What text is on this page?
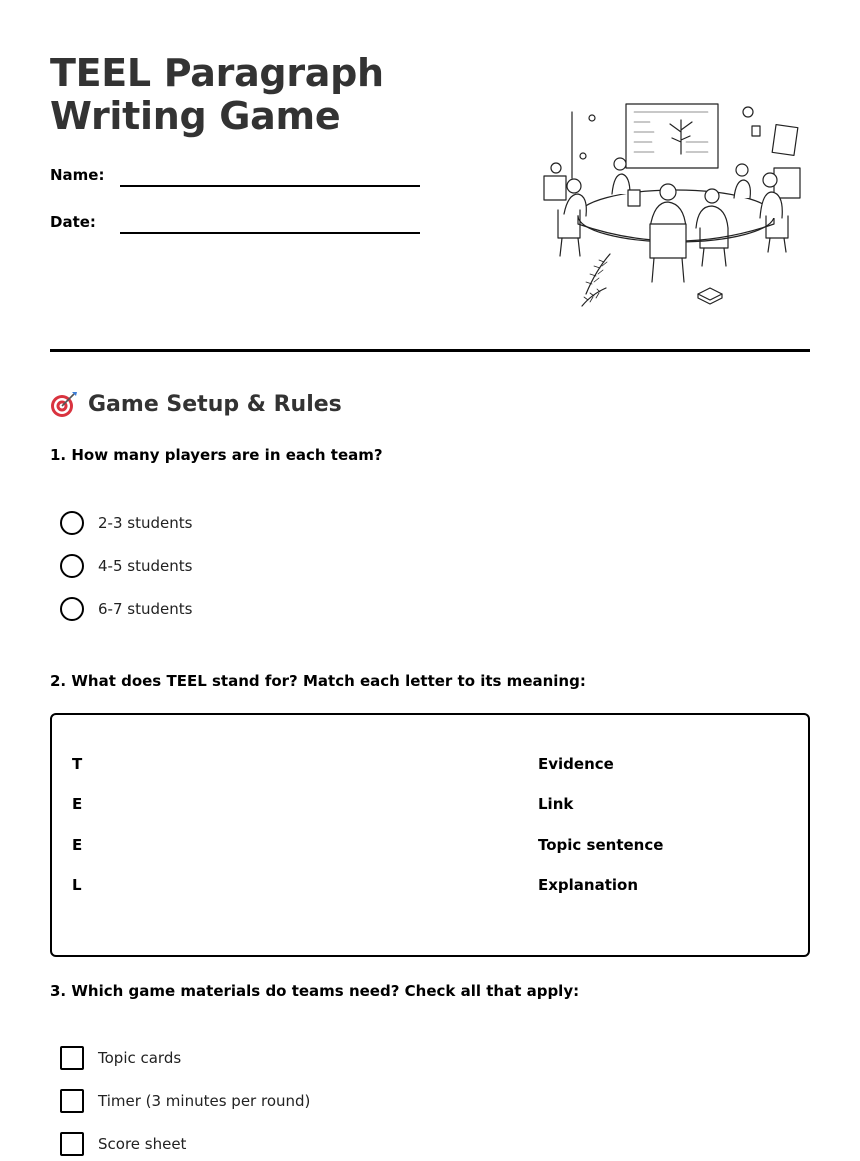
TEEL Paragraph Writing Game
Name:
Date:
Game Setup & Rules
1. How many players are in each team?
2-3 students
4-5 students
6-7 students
2. What does TEEL stand for? Match each letter to its meaning:
T
E
E
L
Evidence
Link
Topic sentence
Explanation
3. Which game materials do teams need? Check all that apply:
Topic cards
Timer (3 minutes per round)
Score sheet
